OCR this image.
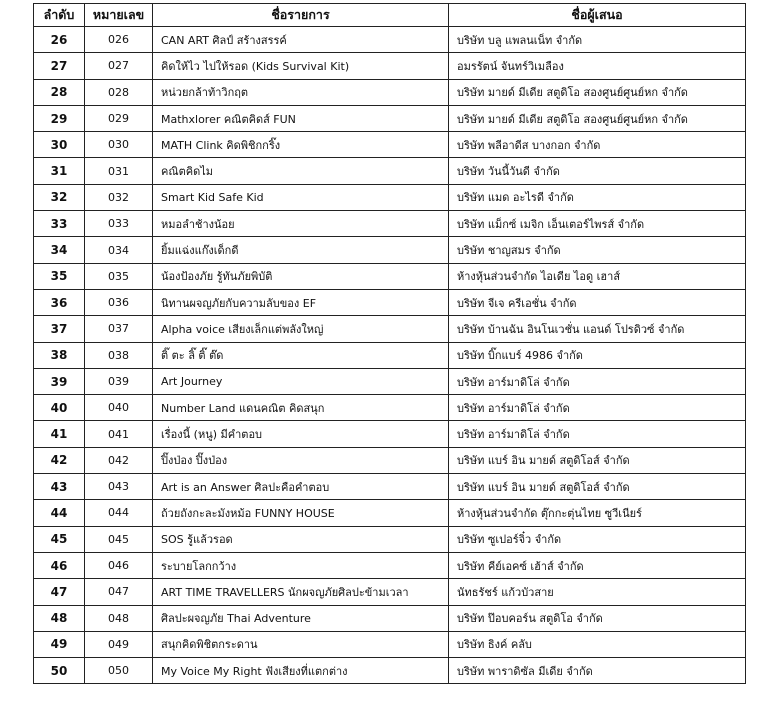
ลำดับ	หมายเลข	ชื่อรายการ	ชื่อผู้เสนอ
26	026	CAN ART ศิลป์ สร้างสรรค์	บริษัท บลู แพลนเน็ท จำกัด
27	027	คิดให้ไว ไปให้รอด (Kids Survival Kit)	อมรรัตน์ จันทร์วิเมลือง
28	028	หน่วยกล้าท้าวิกฤต	บริษัท มายด์ มีเดีย สตูดิโอ สองศูนย์ศูนย์หก จำกัด
29	029	Mathxlorer คณิตคิดส์ FUN	บริษัท มายด์ มีเดีย สตูดิโอ สองศูนย์ศูนย์หก จำกัด
30	030	MATH Clink คิดพิชิกกริ๊ง	บริษัท พลีอาดีส บางกอก จำกัด
31	031	คณิตคิดไม	บริษัท วันนี้วันดี จำกัด
32	032	Smart Kid Safe Kid	บริษัท แมด อะไรดี จำกัด
33	033	หมอลำช้างน้อย	บริษัท แม็กซ์ เมจิก เอ็นเตอร์ไพรส์ จำกัด
34	034	ยิ้มแฉ่งแก๊งเด็กดี	บริษัท ชาญสมร จำกัด
35	035	น้องป้องภัย รู้ทันภัยพิบัติ	ห้างหุ้นส่วนจำกัด ไอเดีย ไอดู เฮาส์
36	036	นิทานผจญภัยกับความลับของ EF	บริษัท จีเจ ครีเอชั่น จำกัด
37	037	Alpha voice เสียงเล็กแต่พลังใหญ่	บริษัท บ้านฉัน อินโนเวชั่น แอนด์ โปรดิวซ์ จำกัด
38	038	ติ๊ ตะ ลิ๊ ติ๊ ต๊ด	บริษัท บิ๊กแบร์ 4986 จำกัด
39	039	Art Journey	บริษัท อาร์มาดิโล่ จำกัด
40	040	Number Land แดนคณิต คิดสนุก	บริษัท อาร์มาดิโล่ จำกัด
41	041	เรื่องนี้ (หนู) มีคำตอบ	บริษัท อาร์มาดิโล่ จำกัด
42	042	ปิ๊งป่อง ปิ๊งป่อง	บริษัท แบร์ อิน มายด์ สตูดิโอส์ จำกัด
43	043	Art is an Answer ศิลปะคือคำตอบ	บริษัท แบร์ อิน มายด์ สตูดิโอส์ จำกัด
44	044	ถ้วยถังกะละมังหม้อ FUNNY HOUSE	ห้างหุ้นส่วนจำกัด ตุ๊กกะตุ่นไทย ซูวีเนียร์
45	045	SOS รู้แล้วรอด	บริษัท ซูเปอร์จิ๋ว จำกัด
46	046	ระบายโลกกว้าง	บริษัท คีย์เอคซ์ เฮ้าส์ จำกัด
47	047	ART TIME TRAVELLERS นักผจญภัยศิลปะข้ามเวลา	นัทธรัชร์ แก้วบัวสาย
48	048	ศิลปะผจญภัย Thai Adventure	บริษัท ป๊อบคอร์น สตูดิโอ จำกัด
49	049	สนุกคิดพิชิตกระดาน	บริษัท ธิงค์ คลับ
50	050	My Voice My Right ฟังเสียงที่แตกต่าง	บริษัท พาราดิซัล มีเดีย จำกัด
